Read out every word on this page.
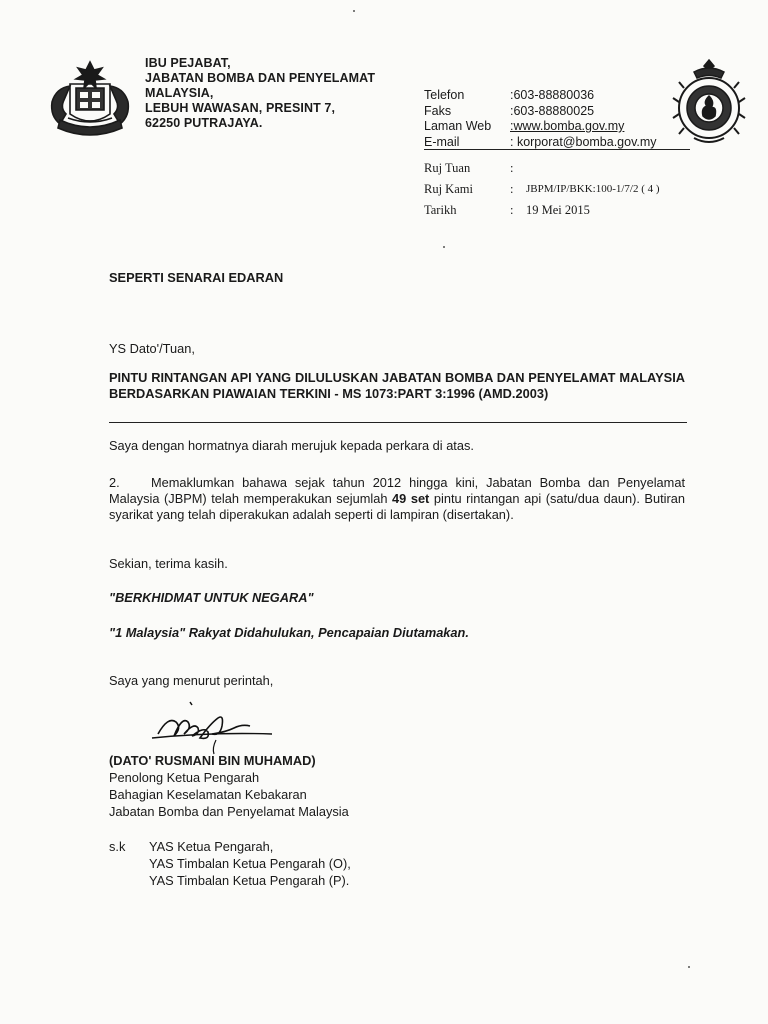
IBU PEJABAT,
JABATAN BOMBA DAN PENYELAMAT
MALAYSIA,
LEBUH WAWASAN, PRESINT 7,
62250 PUTRAJAYA.
Telefon	:603-88880036
Faks	:603-88880025
Laman Web	:www.bomba.gov.my
E-mail	: korporat@bomba.gov.my
Ruj Tuan	:
Ruj Kami	:	JBPM/IP/BKK:100-1/7/2 ( 4 )
Tarikh	:	19 Mei 2015
SEPERTI SENARAI EDARAN
YS Dato'/Tuan,
PINTU RINTANGAN API YANG DILULUSKAN JABATAN BOMBA DAN PENYELAMAT MALAYSIA BERDASARKAN PIAWAIAN TERKINI - MS 1073:PART 3:1996 (AMD.2003)
Saya dengan hormatnya diarah merujuk kepada perkara di atas.
2. Memaklumkan bahawa sejak tahun 2012 hingga kini, Jabatan Bomba dan Penyelamat Malaysia (JBPM) telah memperakukan sejumlah 49 set pintu rintangan api (satu/dua daun). Butiran syarikat yang telah diperakukan adalah seperti di lampiran (disertakan).
Sekian, terima kasih.
"BERKHIDMAT UNTUK NEGARA"
"1 Malaysia" Rakyat Didahulukan, Pencapaian Diutamakan.
Saya yang menurut perintah,
(DATO' RUSMANI BIN MUHAMAD)
Penolong Ketua Pengarah
Bahagian Keselamatan Kebakaran
Jabatan Bomba dan Penyelamat Malaysia
s.k	YAS Ketua Pengarah,
YAS Timbalan Ketua Pengarah (O),
YAS Timbalan Ketua Pengarah (P).
